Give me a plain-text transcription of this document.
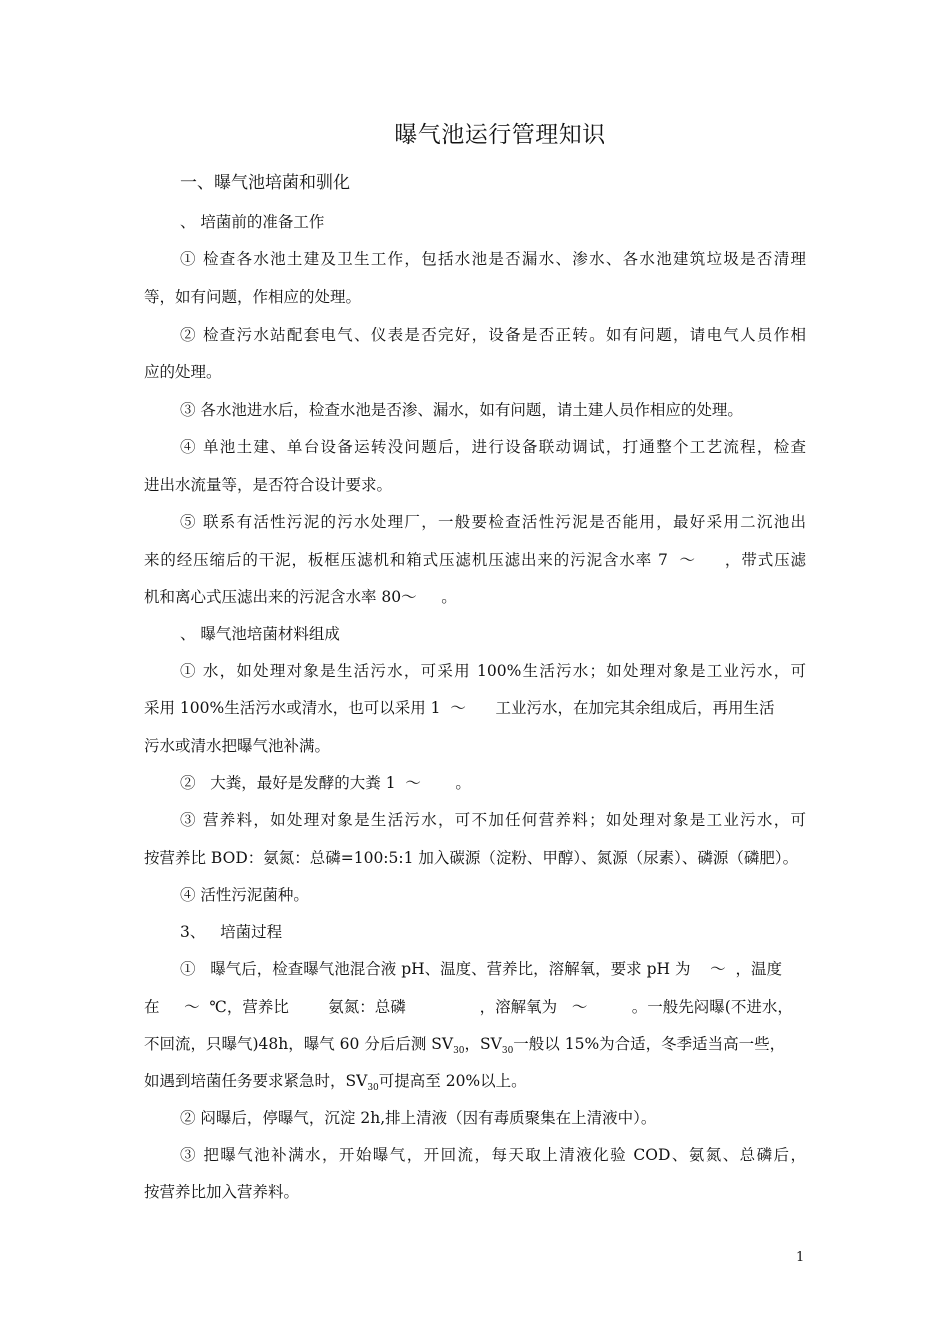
曝气池运行管理知识
一、曝气池培菌和驯化
、 培菌前的准备工作
① 检查各水池土建及卫生工作，包括水池是否漏水、渗水、各水池建筑垃圾是否清理
等，如有问题，作相应的处理。
② 检查污水站配套电气、仪表是否完好，设备是否正转。如有问题，请电气人员作相
应的处理。
③ 各水池进水后，检查水池是否渗、漏水，如有问题，请土建人员作相应的处理。
④ 单池土建、单台设备运转没问题后，进行设备联动调试，打通整个工艺流程，检查
进出水流量等，是否符合设计要求。
⑤ 联系有活性污泥的污水处理厂，一般要检查活性污泥是否能用，最好采用二沉池出
来的经压缩后的干泥，板框压滤机和箱式压滤机压滤出来的污泥含水率 7  ～     ，带式压滤
机和离心式压滤出来的污泥含水率 80～     。
、 曝气池培菌材料组成
① 水，如处理对象是生活污水，可采用 100%生活污水；如处理对象是工业污水，可
采用 100%生活污水或清水，也可以采用 1  ～      工业污水，在加完其余组成后，再用生活
污水或清水把曝气池补满。
②   大粪，最好是发酵的大粪 1  ～       。
③ 营养料，如处理对象是生活污水，可不加任何营养料；如处理对象是工业污水，可
按营养比 BOD：氨氮：总磷=100:5:1 加入碳源（淀粉、甲醇）、氮源（尿素）、磷源（磷肥）。
④ 活性污泥菌种。
3、   培菌过程
①   曝气后，检查曝气池混合液 pH、温度、营养比，溶解氧，要求 pH 为    ～  ，温度
在     ～  ℃，营养比        氨氮：总磷               ，溶解氧为   ～         。一般先闷曝(不进水，
不回流，只曝气)48h，曝气 60 分后后测 $SV_{30}$，$SV_{30}$一般以 15%为合适，冬季适当高一些，
如遇到培菌任务要求紧急时，$SV_{30}$可提高至 20%以上。
② 闷曝后，停曝气，沉淀 2h,排上清液（因有毒质聚集在上清液中）。
③ 把曝气池补满水，开始曝气，开回流，每天取上清液化验 COD、氨氮、总磷后，
按营养比加入营养料。
1
